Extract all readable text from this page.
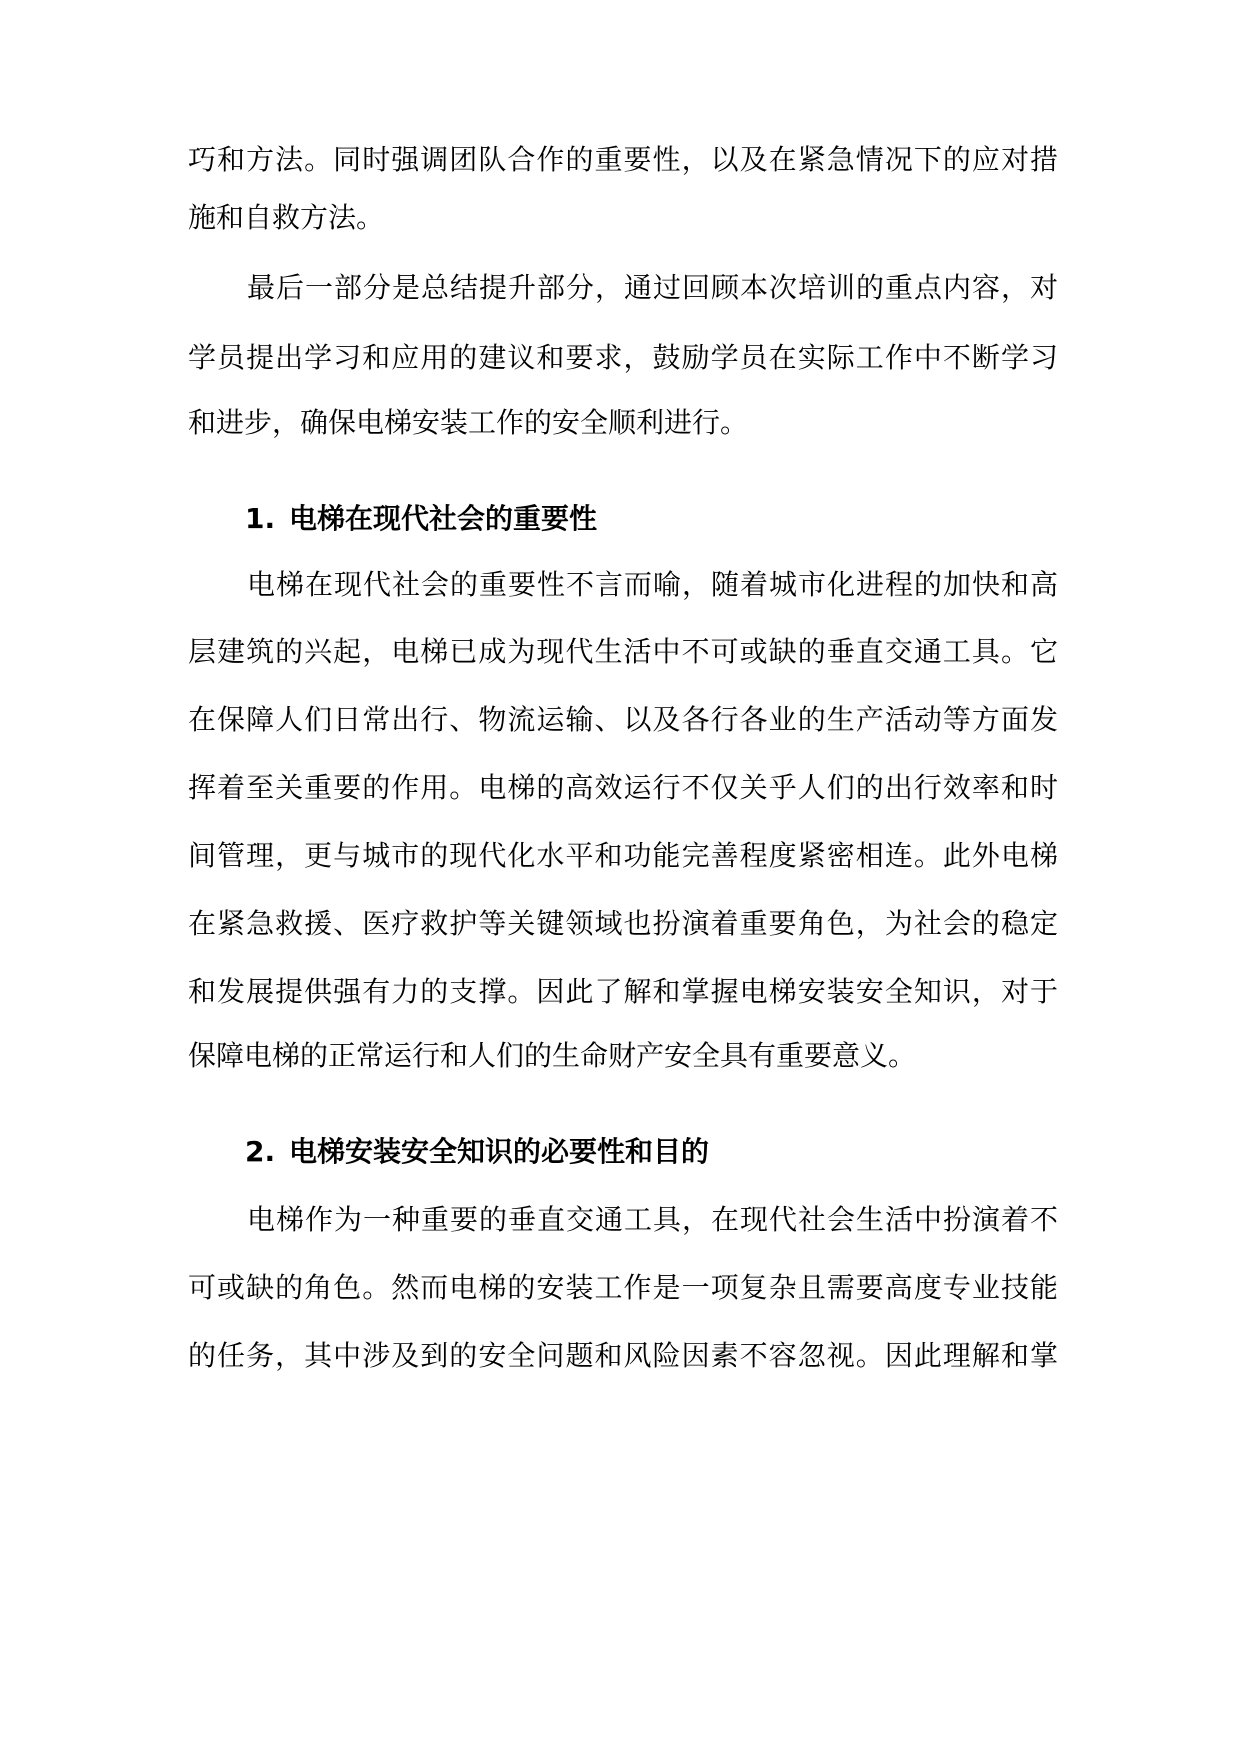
巧和方法。同时强调团队合作的重要性，以及在紧急情况下的应对措

施和自救方法。

最后一部分是总结提升部分，通过回顾本次培训的重点内容，对

学员提出学习和应用的建议和要求，鼓励学员在实际工作中不断学习

和进步，确保电梯安装工作的安全顺利进行。

1. 电梯在现代社会的重要性

电梯在现代社会的重要性不言而喻，随着城市化进程的加快和高

层建筑的兴起，电梯已成为现代生活中不可或缺的垂直交通工具。它

在保障人们日常出行、物流运输、以及各行各业的生产活动等方面发

挥着至关重要的作用。电梯的高效运行不仅关乎人们的出行效率和时

间管理，更与城市的现代化水平和功能完善程度紧密相连。此外电梯

在紧急救援、医疗救护等关键领域也扮演着重要角色，为社会的稳定

和发展提供强有力的支撑。因此了解和掌握电梯安装安全知识，对于

保障电梯的正常运行和人们的生命财产安全具有重要意义。

2. 电梯安装安全知识的必要性和目的

电梯作为一种重要的垂直交通工具，在现代社会生活中扮演着不

可或缺的角色。然而电梯的安装工作是一项复杂且需要高度专业技能

的任务，其中涉及到的安全问题和风险因素不容忽视。因此理解和掌
